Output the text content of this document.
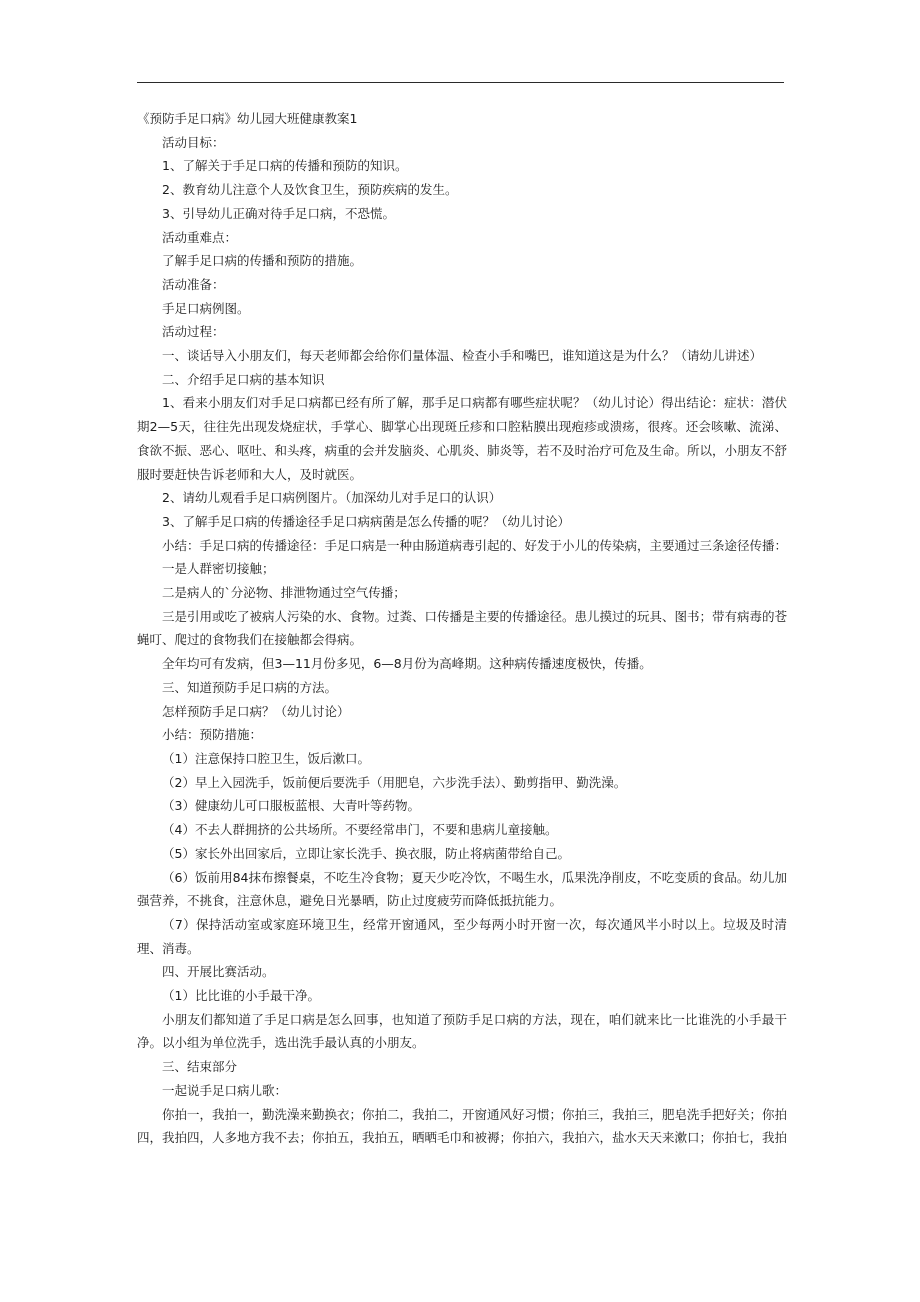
《预防手足口病》幼儿园大班健康教案1

活动目标：

1、了解关于手足口病的传播和预防的知识。

2、教育幼儿注意个人及饮食卫生，预防疾病的发生。

3、引导幼儿正确对待手足口病，不恐慌。

活动重难点：

了解手足口病的传播和预防的措施。

活动准备：

手足口病例图。

活动过程：

一、谈话导入小朋友们，每天老师都会给你们量体温、检查小手和嘴巴，谁知道这是为什么？（请幼儿讲述）

二、介绍手足口病的基本知识

1、看来小朋友们对手足口病都已经有所了解，那手足口病都有哪些症状呢？（幼儿讨论）得出结论：症状：潜伏期2—5天，往往先出现发烧症状，手掌心、脚掌心出现斑丘疹和口腔粘膜出现疱疹或溃疡，很疼。还会咳嗽、流涕、食欲不振、恶心、呕吐、和头疼，病重的会并发脑炎、心肌炎、肺炎等，若不及时治疗可危及生命。所以，小朋友不舒服时要赶快告诉老师和大人，及时就医。

2、请幼儿观看手足口病例图片。（加深幼儿对手足口的认识）

3、了解手足口病的传播途径手足口病病菌是怎么传播的呢？（幼儿讨论）

小结：手足口病的传播途径：手足口病是一种由肠道病毒引起的、好发于小儿的传染病，主要通过三条途径传播：

一是人群密切接触；

二是病人的`分泌物、排泄物通过空气传播；

三是引用或吃了被病人污染的水、食物。过粪、口传播是主要的传播途径。患儿摸过的玩具、图书；带有病毒的苍蝇叮、爬过的食物我们在接触都会得病。

全年均可有发病，但3—11月份多见，6—8月份为高峰期。这种病传播速度极快，传播。

三、知道预防手足口病的方法。

怎样预防手足口病？（幼儿讨论）

小结：预防措施：

（1）注意保持口腔卫生，饭后漱口。

（2）早上入园洗手，饭前便后要洗手（用肥皂，六步洗手法）、勤剪指甲、勤洗澡。

（3）健康幼儿可口服板蓝根、大青叶等药物。

（4）不去人群拥挤的公共场所。不要经常串门，不要和患病儿童接触。

（5）家长外出回家后，立即让家长洗手、换衣服，防止将病菌带给自己。

（6）饭前用84抹布擦餐桌，不吃生冷食物；夏天少吃冷饮，不喝生水，瓜果洗净削皮，不吃变质的食品。幼儿加强营养，不挑食，注意休息，避免日光暴晒，防止过度疲劳而降低抵抗能力。

（7）保持活动室或家庭环境卫生，经常开窗通风，至少每两小时开窗一次，每次通风半小时以上。垃圾及时清理、消毒。

四、开展比赛活动。

（1）比比谁的小手最干净。

小朋友们都知道了手足口病是怎么回事，也知道了预防手足口病的方法，现在，咱们就来比一比谁洗的小手最干净。以小组为单位洗手，选出洗手最认真的小朋友。

三、结束部分

一起说手足口病儿歌：

你拍一，我拍一，勤洗澡来勤换衣；你拍二，我拍二，开窗通风好习惯；你拍三，我拍三，肥皂洗手把好关；你拍四，我拍四，人多地方我不去；你拍五，我拍五，晒晒毛巾和被褥；你拍六，我拍六，盐水天天来漱口；你拍七，我拍
